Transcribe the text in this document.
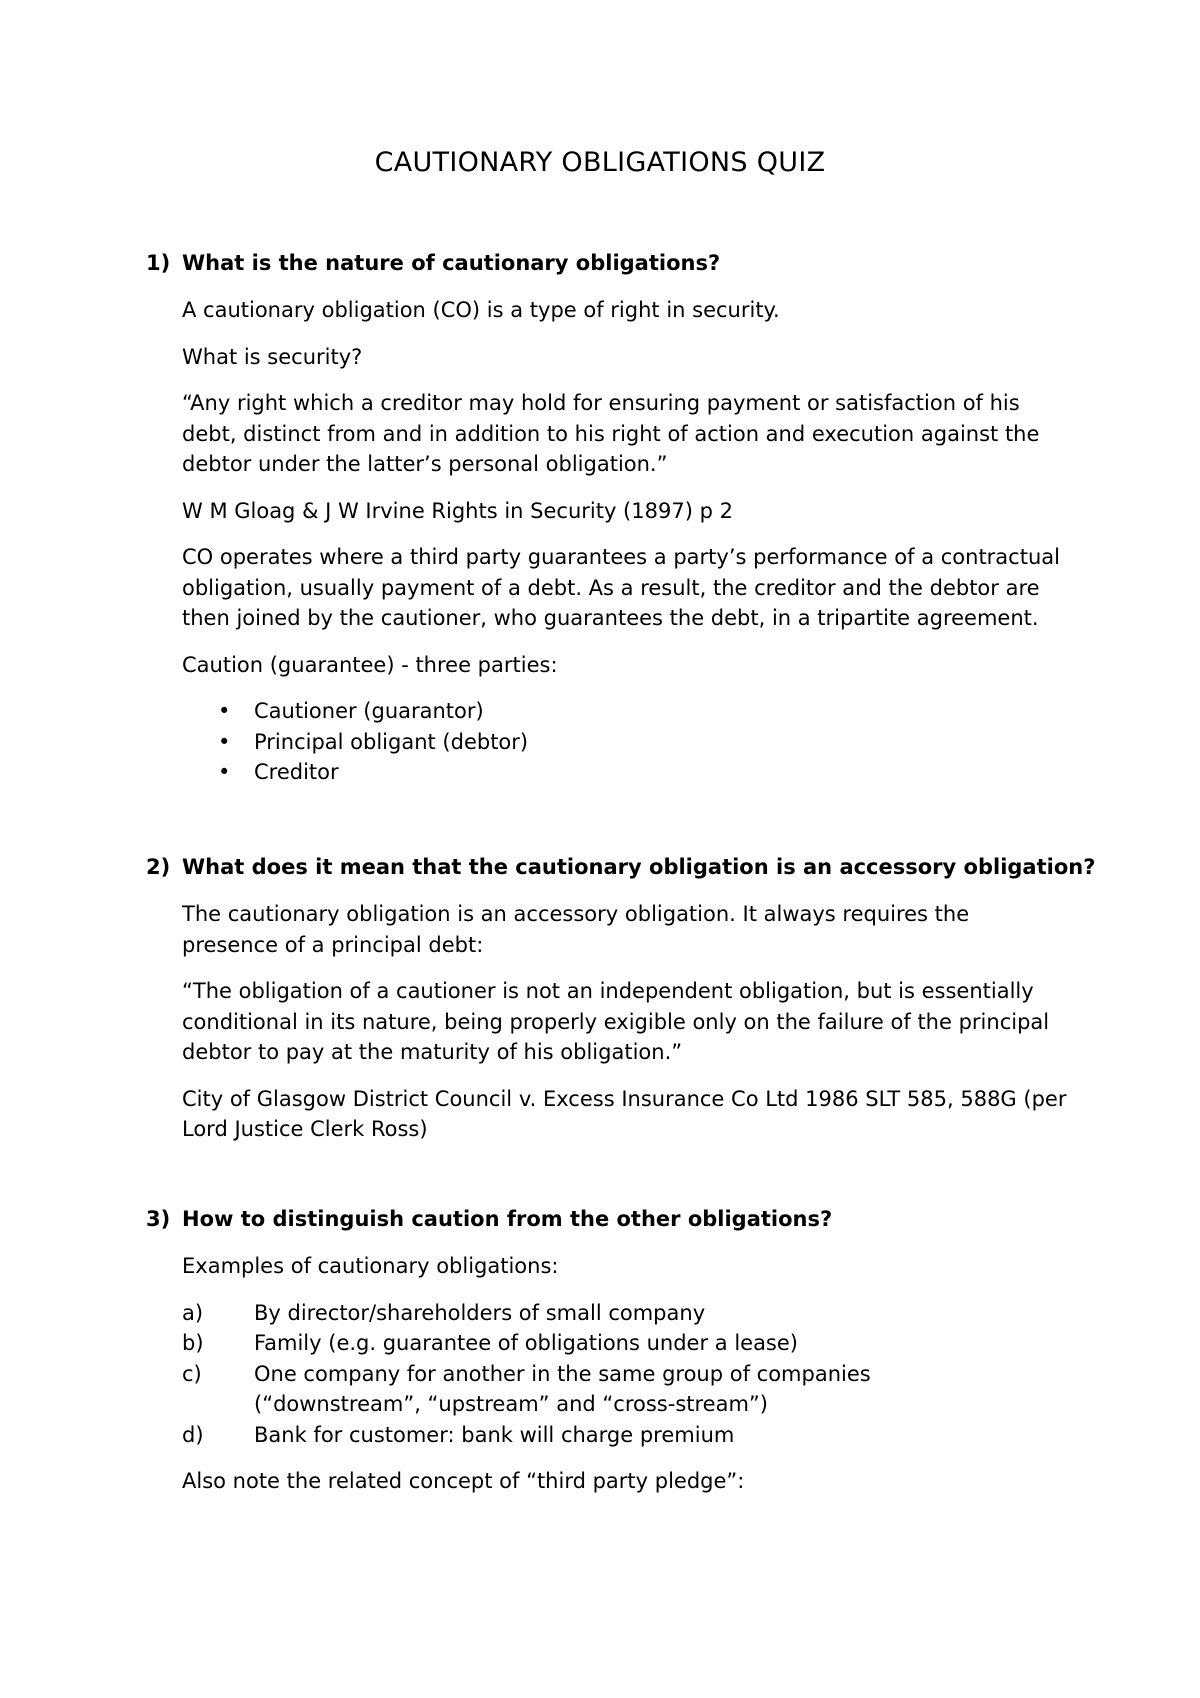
CAUTIONARY OBLIGATIONS QUIZ
1) What is the nature of cautionary obligations?

A cautionary obligation (CO) is a type of right in security.

What is security?

“Any right which a creditor may hold for ensuring payment or satisfaction of his
debt, distinct from and in addition to his right of action and execution against the
debtor under the latter’s personal obligation.”

W M Gloag & J W Irvine Rights in Security (1897) p 2

CO operates where a third party guarantees a party’s performance of a contractual
obligation, usually payment of a debt. As a result, the creditor and the debtor are
then joined by the cautioner, who guarantees the debt, in a tripartite agreement.

Caution (guarantee) - three parties:

• Cautioner (guarantor)
• Principal obligant (debtor)
• Creditor
2) What does it mean that the cautionary obligation is an accessory obligation?

The cautionary obligation is an accessory obligation. It always requires the
presence of a principal debt:

“The obligation of a cautioner is not an independent obligation, but is essentially
conditional in its nature, being properly exigible only on the failure of the principal
debtor to pay at the maturity of his obligation.”

City of Glasgow District Council v. Excess Insurance Co Ltd 1986 SLT 585, 588G (per
Lord Justice Clerk Ross)

3) How to distinguish caution from the other obligations?

Examples of cautionary obligations:

a) By director/shareholders of small company
b) Family (e.g. guarantee of obligations under a lease)
c) One company for another in the same group of companies
(“downstream”, “upstream” and “cross-stream”)
d) Bank for customer: bank will charge premium

Also note the related concept of “third party pledge”:
